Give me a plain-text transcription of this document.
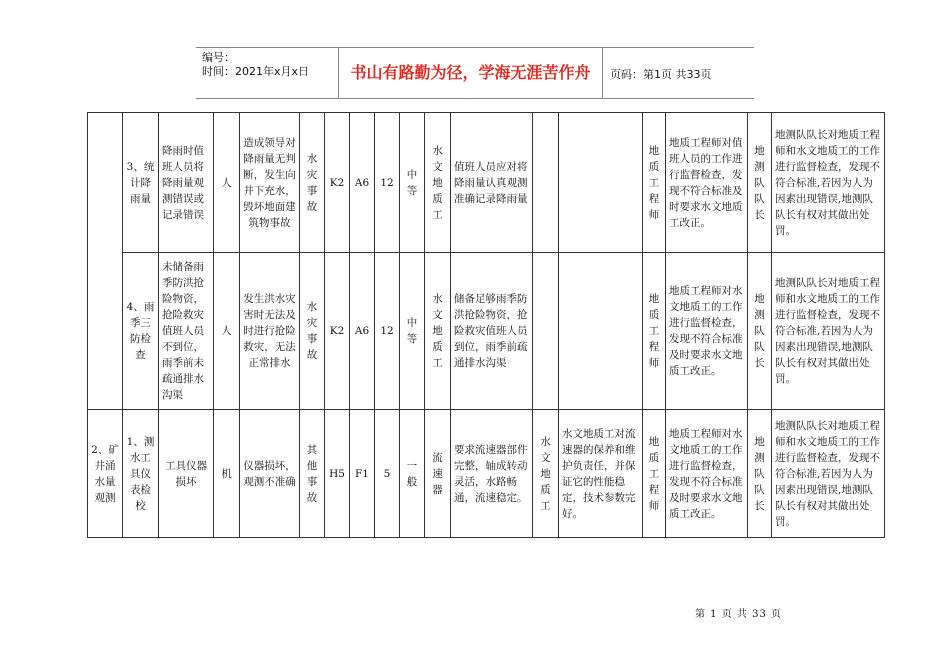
编号：
时间：2021年x月x日	书山有路勤为径，学海无涯苦作舟	页码：第1页 共33页
	3、统计降雨量	降雨时值班人员将降雨量观测错误或记录错误	人	造成领导对降雨量无判断，发生向井下充水，毁坏地面建筑物事故	水灾事故	K2	A6	12	中等	水文地质工	值班人员应对将降雨量认真观测准确记录降雨量			地质工程师	地质工程师对值班人员的工作进行监督检查，发现不符合标准及时要求水文地质工改正。	地测队队长	地测队队长对地质工程师和水文地质工的工作进行监督检查，发现不符合标准,若因为人为因素出现错误,地测队队长有权对其做出处罚。
	4、雨季三防检查	未储备雨季防洪抢险物资，抢险救灾值班人员不到位，雨季前未疏通排水沟渠	人	发生洪水灾害时无法及时进行抢险救灾，无法正常排水	水灾事故	K2	A6	12	中等	水文地质工	储备足够雨季防洪抢险物资，抢险救灾值班人员到位，雨季前疏通排水沟渠			地质工程师	地质工程师对水文地质工的工作进行监督检查，发现不符合标准及时要求水文地质工改正。	地测队队长	地测队队长对地质工程师和水文地质工的工作进行监督检查，发现不符合标准,若因为人为因素出现错误,地测队队长有权对其做出处罚。
2、矿井涌水量观测	1、测水工具仪表检校	工具仪器损坏	机	仪器损坏，观测不准确	其他事故	H5	F1	5	一般	流速器	要求流速器部件完整，轴成转动灵活，水路畅通，流速稳定。	水文地质工	水文地质工对流速器的保养和维护负责任，并保证它的性能稳定，技术参数完好。	地质工程师	地质工程师对水文地质工的工作进行监督检查，发现不符合标准及时要求水文地质工改正。	地测队队长	地测队队长对地质工程师和水文地质工的工作进行监督检查，发现不符合标准,若因为人为因素出现错误,地测队队长有权对其做出处罚。
第 1 页 共 33 页
